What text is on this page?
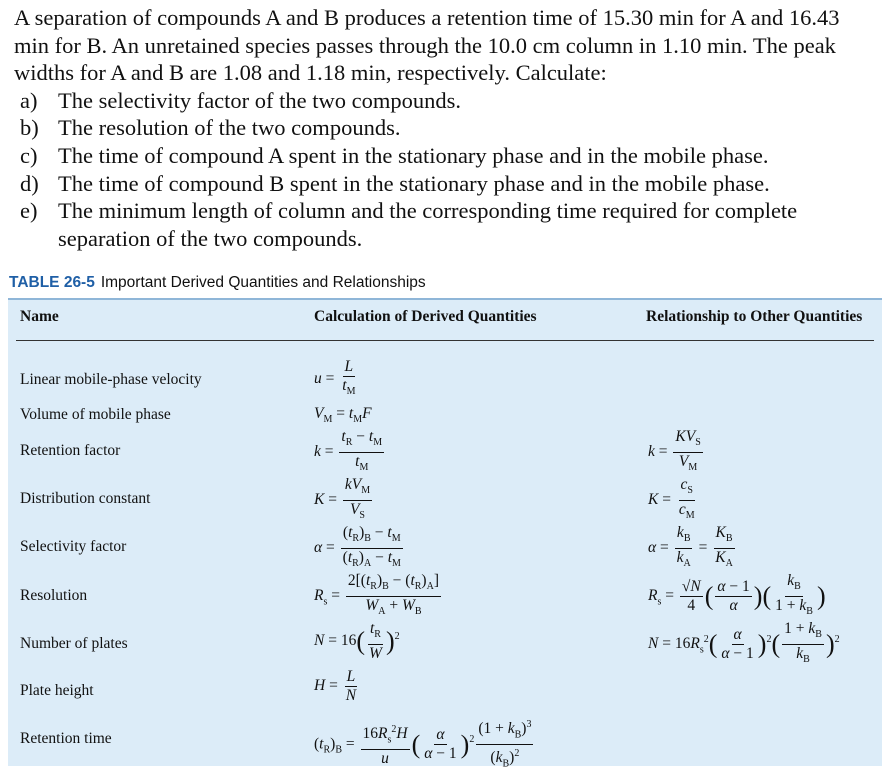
A separation of compounds A and B produces a retention time of 15.30 min for A and 16.43 min for B. An unretained species passes through the 10.0 cm column in 1.10 min. The peak widths for A and B are 1.08 and 1.18 min, respectively. Calculate:

a) The selectivity factor of the two compounds.
b) The resolution of the two compounds.
c) The time of compound A spent in the stationary phase and in the mobile phase.
d) The time of compound B spent in the stationary phase and in the mobile phase.
e) The minimum length of column and the corresponding time required for complete separation of the two compounds.
TABLE 26-5 Important Derived Quantities and Relationships
Name	Calculation of Derived Quantities	Relationship to Other Quantities
Linear mobile-phase velocity
Volume of mobile phase
Retention factor
Distribution constant
Selectivity factor
Resolution
Number of plates
Plate height
Retention time
$u = \frac{L}{t_M}$
$V_M = t_MF$
$k = \frac{t_R - t_M}{t_M}$
$K = \frac{kV_M}{V_S}$
$\alpha = \frac{(t_R)_B - t_M}{(t_R)_A - t_M}$
$R_s = \frac{2[(t_R)_B - (t_R)_A]}{W_A + W_B}$
$N = 16( \frac{t_R}{W} )^2$
$H = \frac{L}{N}$
$(t_R)_B = \frac{16R_s^2H}{u}$ ( $\frac{\alpha}{\alpha - 1} )^2 \frac{(1 + k_B)^3}{(k_B)^2}$
$k = \frac{KV_S}{V_M}$
$K = \frac{c_S}{c_M}$
$\alpha = \frac{k_B}{k_A} = \frac{K_B}{K_A}$
$R_s = \frac{√N}{4}$ ( $\frac{\alpha - 1}{\alpha}$ )( $\frac{k_B}{1 + k_B}$ )
$N = 16R_s^2( \frac{\alpha}{\alpha - 1} )^2( \frac{1 + k_B}{k_B} )^2$
